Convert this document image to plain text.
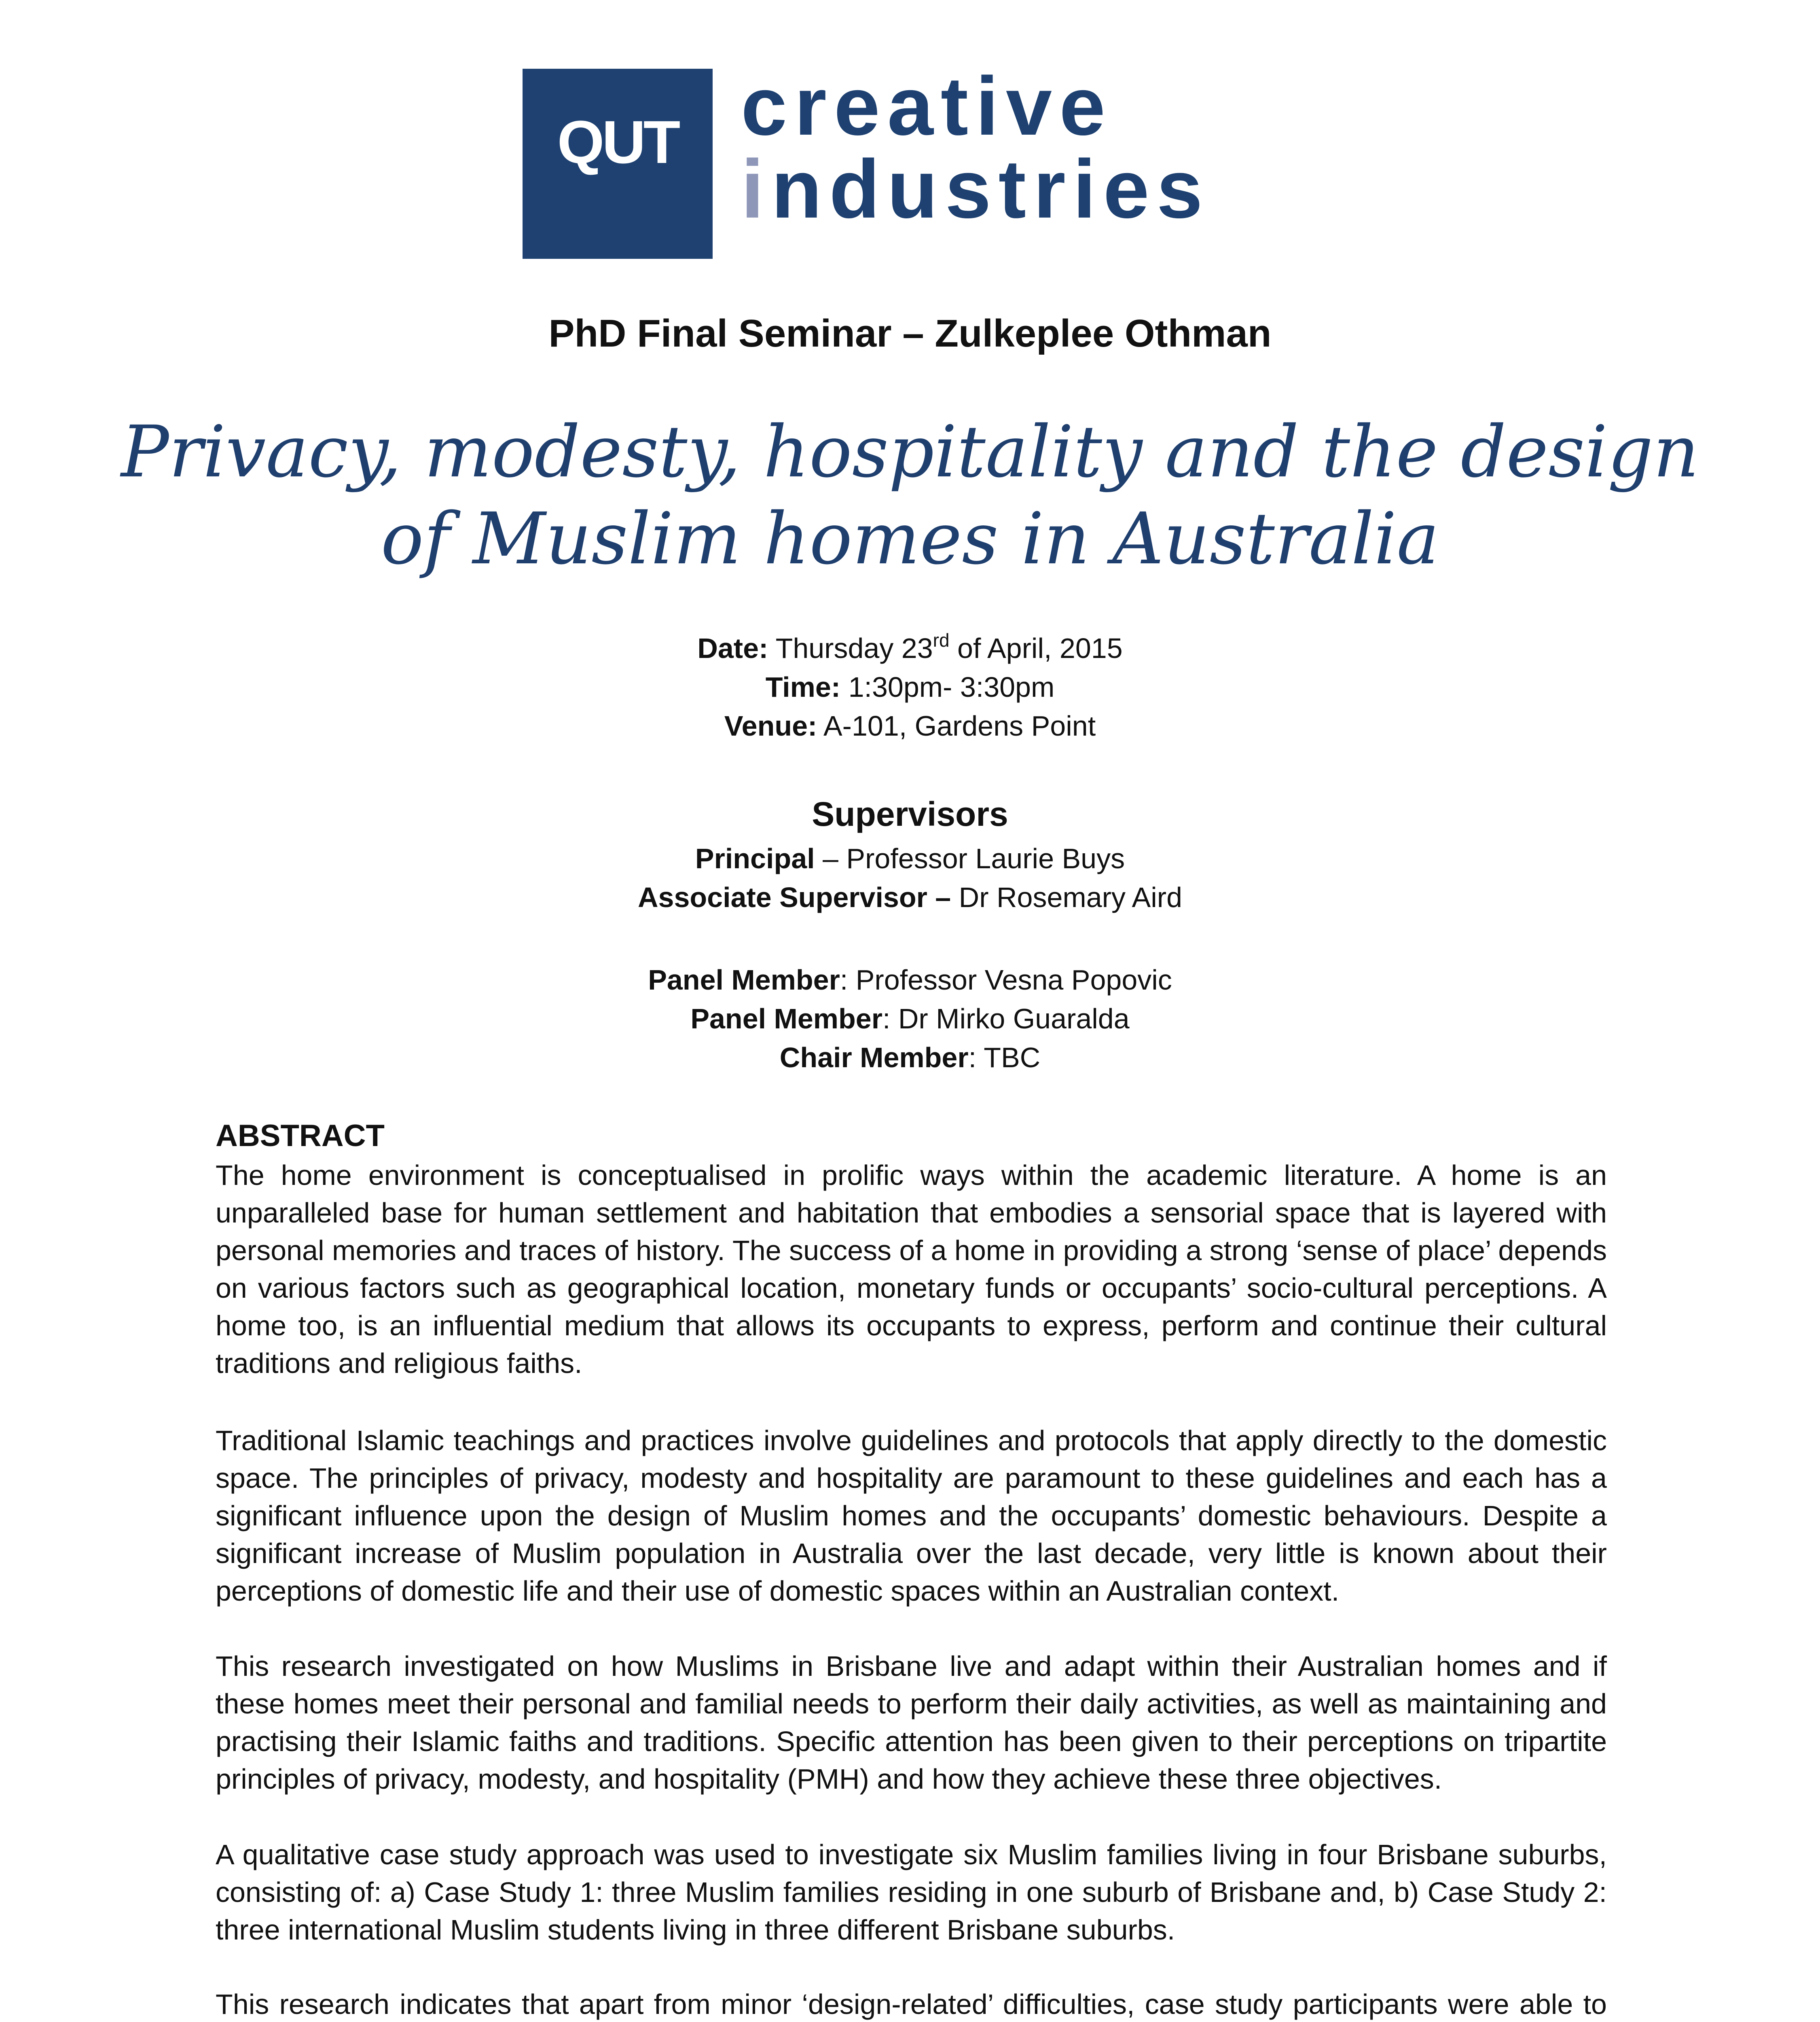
QUT creative
industries
PhD Final Seminar – Zulkeplee Othman
Privacy, modesty, hospitality and the design
of Muslim homes in Australia
Date: Thursday 23rd of April, 2015
Time: 1:30pm- 3:30pm
Venue: A-101, Gardens Point
Supervisors
Principal – Professor Laurie Buys
Associate Supervisor – Dr Rosemary Aird
Panel Member: Professor Vesna Popovic
Panel Member: Dr Mirko Guaralda
Chair Member: TBC
ABSTRACT

The home environment is conceptualised in prolific ways within the academic literature. A home is an unparalleled base for human settlement and habitation that embodies a sensorial space that is layered with personal memories and traces of history. The success of a home in providing a strong ‘sense of place’ depends on various factors such as geographical location, monetary funds or occupants’ socio-cultural perceptions. A home too, is an influential medium that allows its occupants to express, perform and continue their cultural traditions and religious faiths.

Traditional Islamic teachings and practices involve guidelines and protocols that apply directly to the domestic space. The principles of privacy, modesty and hospitality are paramount to these guidelines and each has a significant influence upon the design of Muslim homes and the occupants’ domestic behaviours. Despite a significant increase of Muslim population in Australia over the last decade, very little is known about their perceptions of domestic life and their use of domestic spaces within an Australian context.

This research investigated on how Muslims in Brisbane live and adapt within their Australian homes and if these homes meet their personal and familial needs to perform their daily activities, as well as maintaining and practising their Islamic faiths and traditions. Specific attention has been given to their perceptions on tripartite principles of privacy, modesty, and hospitality (PMH) and how they achieve these three objectives.

A qualitative case study approach was used to investigate six Muslim families living in four Brisbane suburbs, consisting of: a) Case Study 1: three Muslim families residing in one suburb of Brisbane and, b) Case Study 2: three international Muslim students living in three different Brisbane suburbs.

This research indicates that apart from minor ‘design-related’ difficulties, case study participants were able to
